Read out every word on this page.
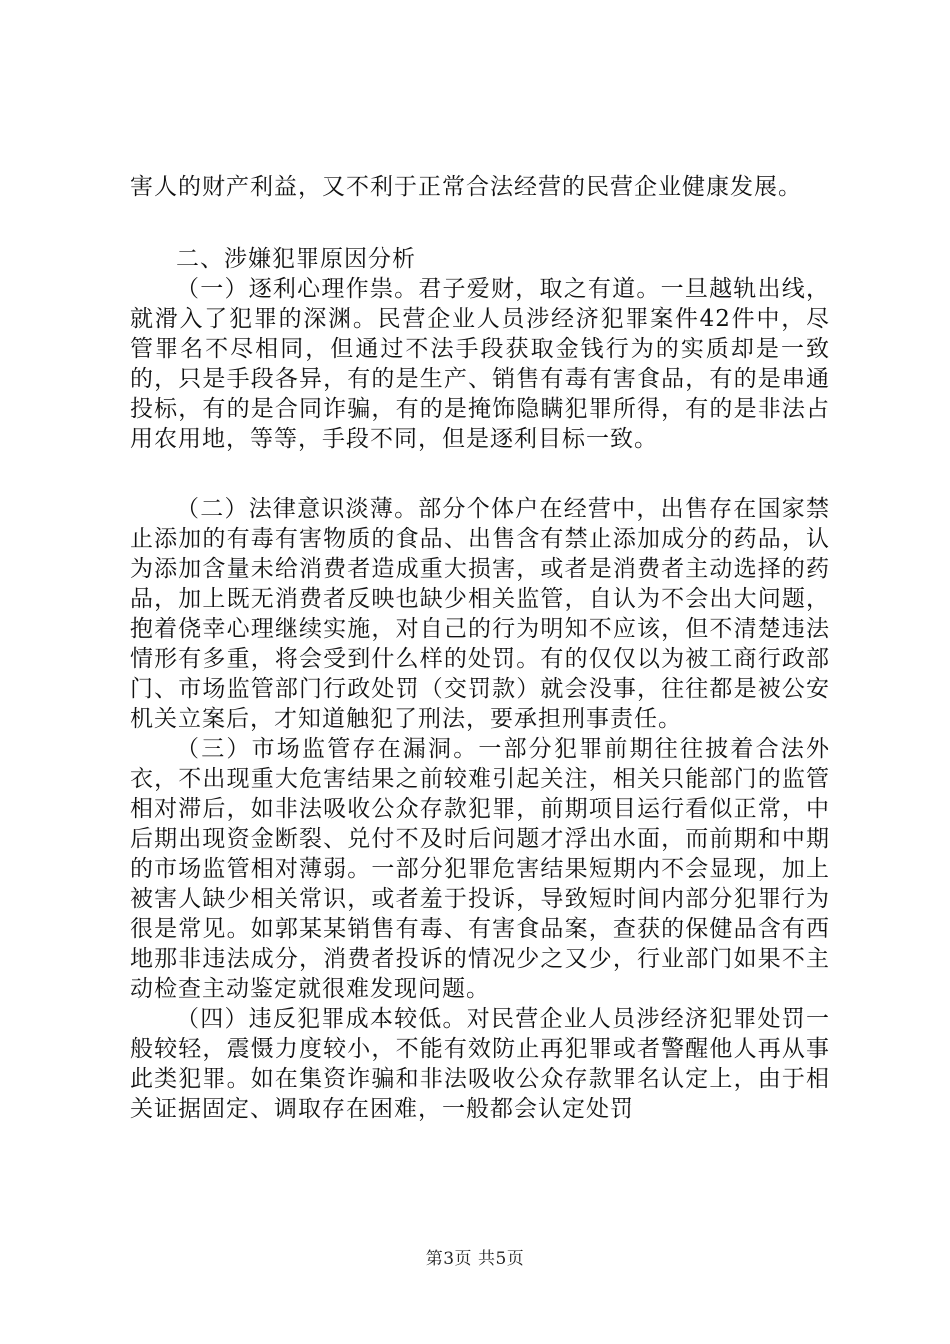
害人的财产利益，又不利于正常合法经营的民营企业健康发展。

二、涉嫌犯罪原因分析

（一）逐利心理作祟。君子爱财，取之有道。一旦越轨出线，就滑入了犯罪的深渊。民营企业人员涉经济犯罪案件42件中，尽管罪名不尽相同，但通过不法手段获取金钱行为的实质却是一致的，只是手段各异，有的是生产、销售有毒有害食品，有的是串通投标，有的是合同诈骗，有的是掩饰隐瞒犯罪所得，有的是非法占用农用地，等等，手段不同，但是逐利目标一致。

（二）法律意识淡薄。部分个体户在经营中，出售存在国家禁止添加的有毒有害物质的食品、出售含有禁止添加成分的药品，认为添加含量未给消费者造成重大损害，或者是消费者主动选择的药品，加上既无消费者反映也缺少相关监管，自认为不会出大问题，抱着侥幸心理继续实施，对自己的行为明知不应该，但不清楚违法情形有多重，将会受到什么样的处罚。有的仅仅以为被工商行政部门、市场监管部门行政处罚（交罚款）就会没事，往往都是被公安机关立案后，才知道触犯了刑法，要承担刑事责任。

（三）市场监管存在漏洞。一部分犯罪前期往往披着合法外衣，不出现重大危害结果之前较难引起关注，相关只能部门的监管相对滞后，如非法吸收公众存款犯罪，前期项目运行看似正常，中后期出现资金断裂、兑付不及时后问题才浮出水面，而前期和中期的市场监管相对薄弱。一部分犯罪危害结果短期内不会显现，加上被害人缺少相关常识，或者羞于投诉，导致短时间内部分犯罪行为很是常见。如郭某某销售有毒、有害食品案，查获的保健品含有西地那非违法成分，消费者投诉的情况少之又少，行业部门如果不主动检查主动鉴定就很难发现问题。

（四）违反犯罪成本较低。对民营企业人员涉经济犯罪处罚一般较轻，震慑力度较小，不能有效防止再犯罪或者警醒他人再从事此类犯罪。如在集资诈骗和非法吸收公众存款罪名认定上，由于相关证据固定、调取存在困难，一般都会认定处罚

第3页 共5页
